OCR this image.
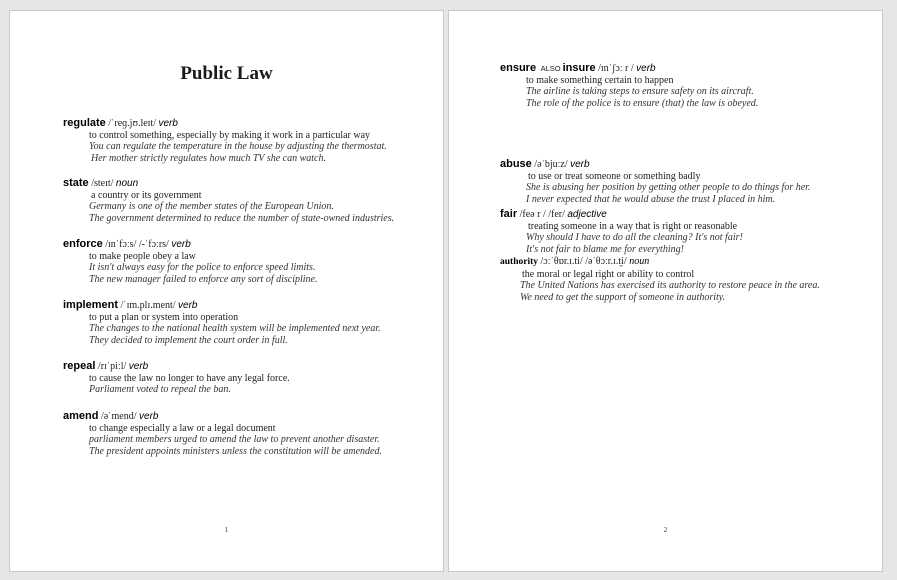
Public Law
regulate /ˈreɡ.jʊ.leɪt/ verb
to control something, especially by making it work in a particular way
You can regulate the temperature in the house by adjusting the thermostat.
Her mother strictly regulates how much TV she can watch.
state /steɪt/ noun
a country or its government
Germany is one of the member states of the European Union.
The government determined to reduce the number of state-owned industries.
enforce /ɪnˈfɔːs/ /-ˈfɔːrs/ verb
to make people obey a law
It isn't always easy for the police to enforce speed limits.
The new manager failed to enforce any sort of discipline.
implement /ˈɪm.plɪ.ment/ verb
to put a plan or system into operation
The changes to the national health system will be implemented next year.
They decided to implement the court order in full.
repeal /rɪˈpiːl/ verb
to cause the law no longer to have any legal force.
Parliament voted to repeal the ban.
amend /əˈmend/ verb
to change especially a law or a legal document
parliament members urged to amend the law to prevent another disaster.
The president appoints ministers unless the constitution will be amended.
1
ensure ALSO insure /ɪnˈʃɔː r / verb
to make something certain to happen
The airline is taking steps to ensure safety on its aircraft.
The role of the police is to ensure (that) the law is obeyed.
abuse /əˈbjuːz/ verb
to use or treat someone or something badly
She is abusing her position by getting other people to do things for her.
I never expected that he would abuse the trust I placed in him.
fair /feə r / /fer/ adjective
treating someone in a way that is right or reasonable
Why should I have to do all the cleaning? It's not fair!
It's not fair to blame me for everything!
authority /ɔːˈθɒr.ɪ.ti/ /əˈθɔːr.ɪ.t̬i/ noun
the moral or legal right or ability to control
The United Nations has exercised its authority to restore peace in the area.
We need to get the support of someone in authority.
2
